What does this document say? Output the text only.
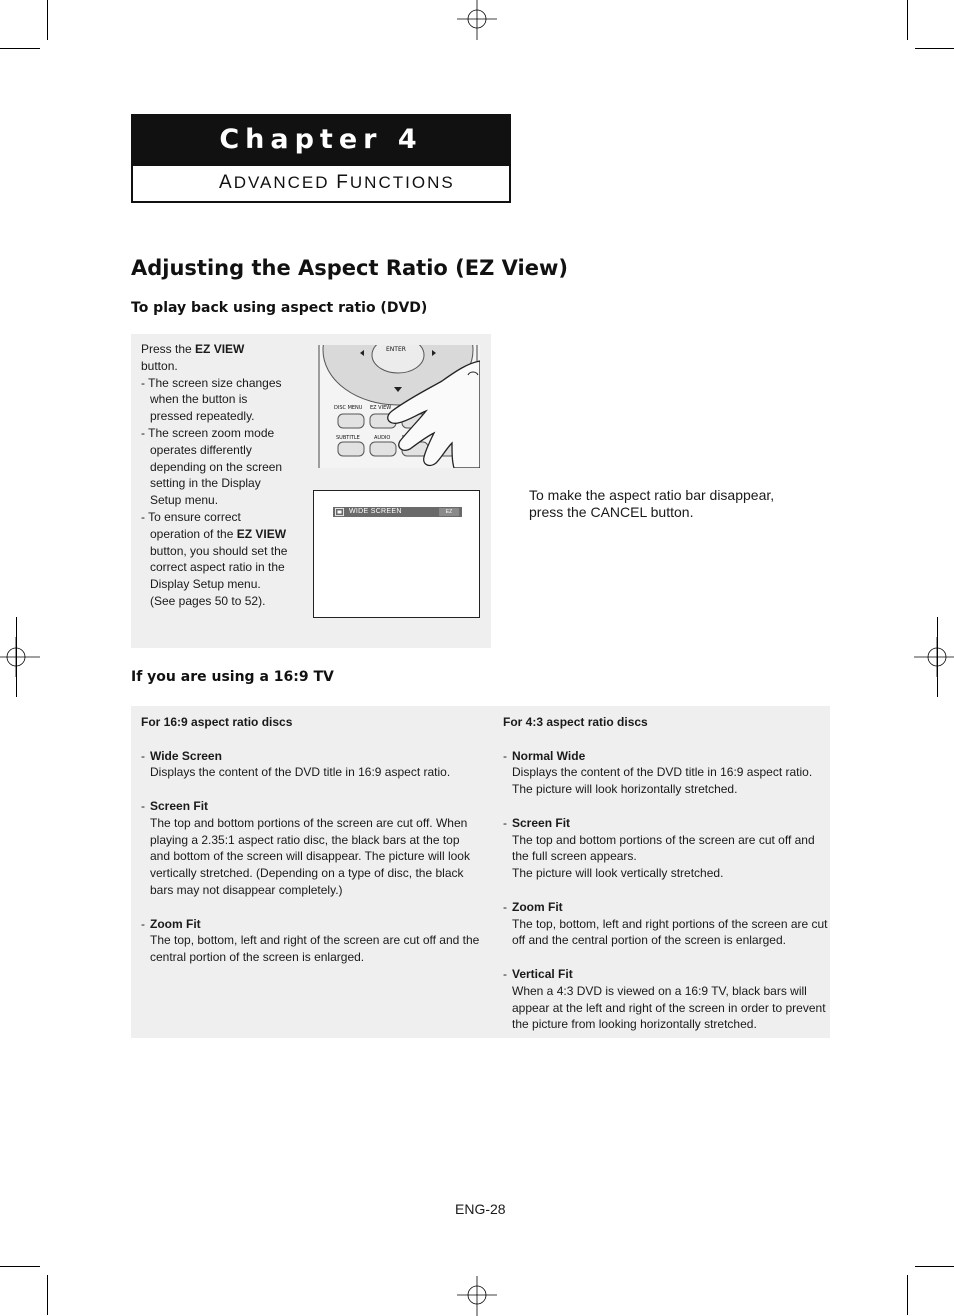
Chapter 4
ADVANCED FUNCTIONS
Adjusting the Aspect Ratio (EZ View)
To play back using aspect ratio (DVD)
Press the EZ VIEW
button.
- The screen size changes when the button is pressed repeatedly.
- The screen zoom mode operates differently depending on the screen setting in the Display Setup menu.
- To ensure correct operation of the EZ VIEW button, you should set the correct aspect ratio in the Display Setup menu.
(See pages 50 to 52).
ENTER
DISC MENU EZ VIEW
SUBTITLE	AUDIO
WIDE SCREEN	EZ VIEW
To make the aspect ratio bar disappear, press the CANCEL button.
If you are using a 16:9 TV
For 16:9 aspect ratio discs
- Wide Screen
Displays the content of the DVD title in 16:9 aspect ratio.
- Screen Fit
The top and bottom portions of the screen are cut off. When playing a 2.35:1 aspect ratio disc, the black bars at the top and bottom of the screen will disappear. The picture will look vertically stretched. (Depending on a type of disc, the black bars may not disappear completely.)
- Zoom Fit
The top, bottom, left and right of the screen are cut off and the central portion of the screen is enlarged.
For 4:3 aspect ratio discs
- Normal Wide
Displays the content of the DVD title in 16:9 aspect ratio. The picture will look horizontally stretched.
- Screen Fit
The top and bottom portions of the screen are cut off and the full screen appears.
The picture will look vertically stretched.
- Zoom Fit
The top, bottom, left and right portions of the screen are cut off and the central portion of the screen is enlarged.
- Vertical Fit
When a 4:3 DVD is viewed on a 16:9 TV, black bars will appear at the left and right of the screen in order to prevent the picture from looking horizontally stretched.
ENG-28
